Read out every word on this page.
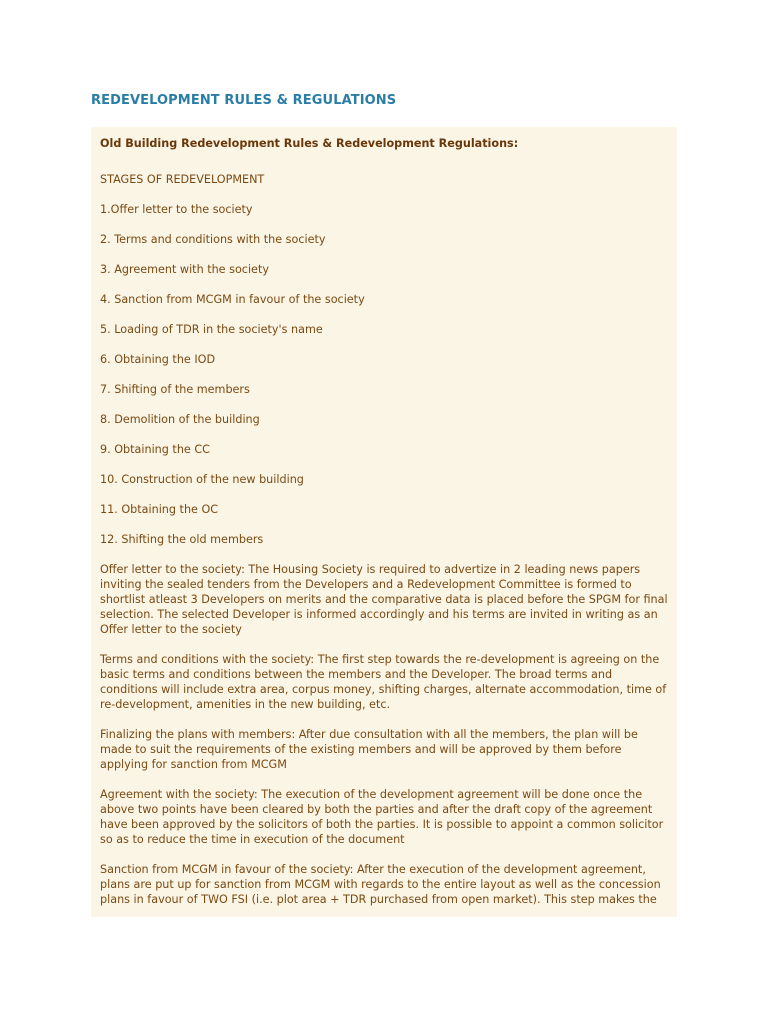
REDEVELOPMENT RULES & REGULATIONS
Old Building Redevelopment Rules & Redevelopment Regulations:
STAGES OF REDEVELOPMENT
1.Offer letter to the society
2. Terms and conditions with the society
3. Agreement with the society
4. Sanction from MCGM in favour of the society
5. Loading of TDR in the society's name
6. Obtaining the IOD
7. Shifting of the members
8. Demolition of the building
9. Obtaining the CC
10. Construction of the new building
11. Obtaining the OC
12. Shifting the old members

Offer letter to the society: The Housing Society is required to advertize in 2 leading news papers inviting the sealed tenders from the Developers and a Redevelopment Committee is formed to shortlist atleast 3 Developers on merits and the comparative data is placed before the SPGM for final selection. The selected Developer is informed accordingly and his terms are invited in writing as an Offer letter to the society

Terms and conditions with the society: The first step towards the re-development is agreeing on the basic terms and conditions between the members and the Developer. The broad terms and conditions will include extra area, corpus money, shifting charges, alternate accommodation, time of re-development, amenities in the new building, etc.

Finalizing the plans with members: After due consultation with all the members, the plan will be made to suit the requirements of the existing members and will be approved by them before applying for sanction from MCGM

Agreement with the society: The execution of the development agreement will be done once the above two points have been cleared by both the parties and after the draft copy of the agreement have been approved by the solicitors of both the parties. It is possible to appoint a common solicitor so as to reduce the time in execution of the document

Sanction from MCGM in favour of the society: After the execution of the development agreement, plans are put up for sanction from MCGM with regards to the entire layout as well as the concession plans in favour of TWO FSI (i.e. plot area + TDR purchased from open market). This step makes the
